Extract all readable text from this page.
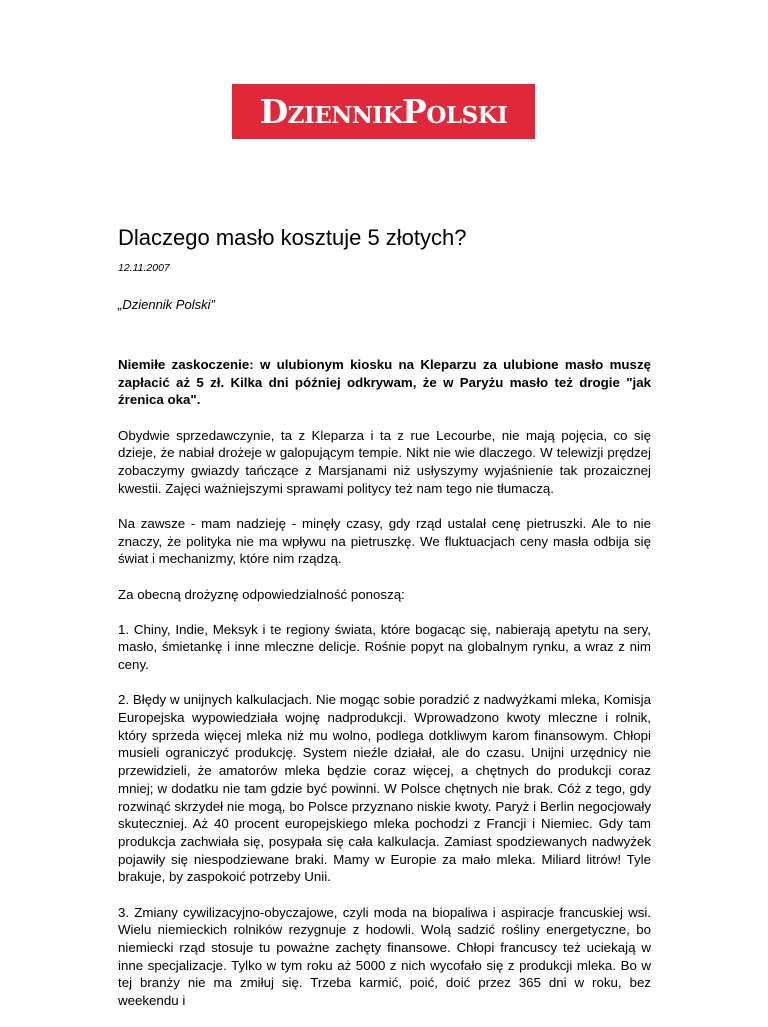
DziennikPolski
Dlaczego masło kosztuje 5 złotych?
12.11.2007
„Dziennik Polski”

Niemiłe zaskoczenie: w ulubionym kiosku na Kleparzu za ulubione masło muszę zapłacić aż 5 zł. Kilka dni później odkrywam, że w Paryżu masło też drogie "jak źrenica oka".

Obydwie sprzedawczynie, ta z Kleparza i ta z rue Lecourbe, nie mają pojęcia, co się dzieje, że nabiał drożeje w galopującym tempie. Nikt nie wie dlaczego. W telewizji prędzej zobaczymy gwiazdy tańczące z Marsjanami niż usłyszymy wyjaśnienie tak prozaicznej kwestii. Zajęci ważniejszymi sprawami politycy też nam tego nie tłumaczą.

Na zawsze - mam nadzieję - minęły czasy, gdy rząd ustalał cenę pietruszki. Ale to nie znaczy, że polityka nie ma wpływu na pietruszkę. We fluktuacjach ceny masła odbija się świat i mechanizmy, które nim rządzą.

Za obecną drożyznę odpowiedzialność ponoszą:

1. Chiny, Indie, Meksyk i te regiony świata, które bogacąc się, nabierają apetytu na sery, masło, śmietankę i inne mleczne delicje. Rośnie popyt na globalnym rynku, a wraz z nim ceny.

2. Błędy w unijnych kalkulacjach. Nie mogąc sobie poradzić z nadwyżkami mleka, Komisja Europejska wypowiedziała wojnę nadprodukcji. Wprowadzono kwoty mleczne i rolnik, który sprzeda więcej mleka niż mu wolno, podlega dotkliwym karom finansowym. Chłopi musieli ograniczyć produkcję. System nieźle działał, ale do czasu. Unijni urzędnicy nie przewidzieli, że amatorów mleka będzie coraz więcej, a chętnych do produkcji coraz mniej; w dodatku nie tam gdzie być powinni. W Polsce chętnych nie brak. Cóż z tego, gdy rozwinąć skrzydeł nie mogą, bo Polsce przyznano niskie kwoty. Paryż i Berlin negocjowały skuteczniej. Aż 40 procent europejskiego mleka pochodzi z Francji i Niemiec. Gdy tam produkcja zachwiała się, posypała się cała kalkulacja. Zamiast spodziewanych nadwyżek pojawiły się niespodziewane braki. Mamy w Europie za mało mleka. Miliard litrów! Tyle brakuje, by zaspokoić potrzeby Unii.

3. Zmiany cywilizacyjno-obyczajowe, czyli moda na biopaliwa i aspiracje francuskiej wsi. Wielu niemieckich rolników rezygnuje z hodowli. Wolą sadzić rośliny energetyczne, bo niemiecki rząd stosuje tu poważne zachęty finansowe. Chłopi francuscy też uciekają w inne specjalizacje. Tylko w tym roku aż 5000 z nich wycofało się z produkcji mleka. Bo w tej branży nie ma zmiłuj się. Trzeba karmić, poić, doić przez 365 dni w roku, bez weekendu i
